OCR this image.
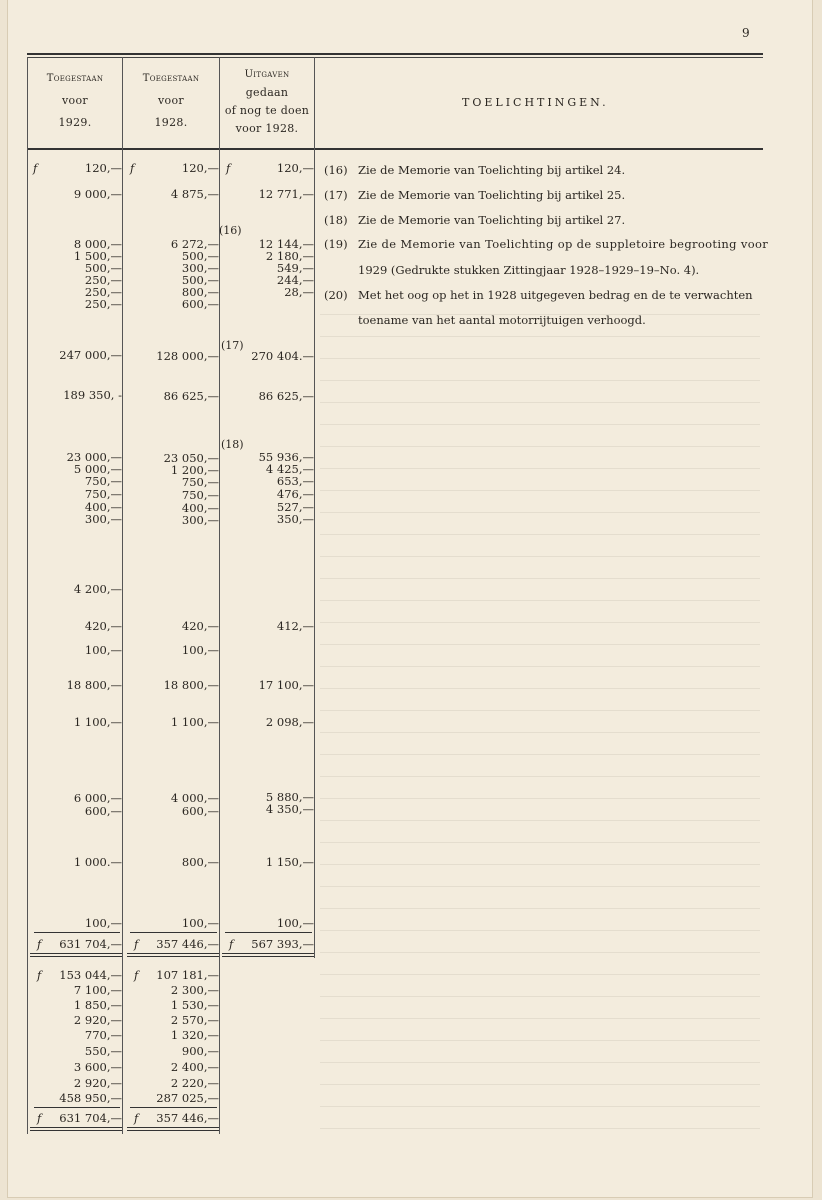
9
Toegestaan
voor
1929.
Toegestaan
voor
1928.
Uitgaven
gedaan
of nog te doen
voor 1928.
TOELICHTINGEN.
f	f	f
(16)
(17)
(18)
120,—	120,—	120,—
9 000,—	4 875,—	12 771,—
8 000,—	6 272,—	12 144,—
1 500,—	500,—	2 180,—
500,—	300,—	549,—
250,—	500,—	244,—
250,—	800,—	28,—
250,—	600,—
247 000,—	128 000,—	270 404.—
189 350, -	86 625,—	86 625,—
23 000,—	23 050,—	55 936,—
5 000,—	1 200,—	4 425,—
750,—	750,—	653,—
750,—	750,—	476,—
400,—	400,—	527,—
300,—	300,—	350,—
4 200,—
420,—	420,—	412,—
100,—	100,—
18 800,—	18 800,—	17 100,—
1 100,—	1 100,—	2 098,—
6 000,—	4 000,—	5 880,—
600,—	600,—	4 350,—
1 000.—	800,—	1 150,—
100,—	100,—	100,—
f	f	f
631 704,—	357 446,—	567 393,—
f	f
153 044,—	107 181,—
7 100,—	2 300,—
1 850,—	1 530,—
2 920,—	2 570,—
770,—	1 320,—
550,—	900,—
3 600,—	2 400,—
2 920,—	2 220,—
458 950,—	287 025,—
f	f
631 704,—	357 446,—
(16) Zie de Memorie van Toelichting bij artikel 24.
(17) Zie de Memorie van Toelichting bij artikel 25.
(18) Zie de Memorie van Toelichting bij artikel 27.
(19) Zie de Memorie van Toelichting op de suppletoire begrooting voor
1929 (Gedrukte stukken Zittingjaar 1928–1929–19–No. 4).
(20) Met het oog op het in 1928 uitgegeven bedrag en de te verwachten
toename van het aantal motorrijtuigen verhoogd.
